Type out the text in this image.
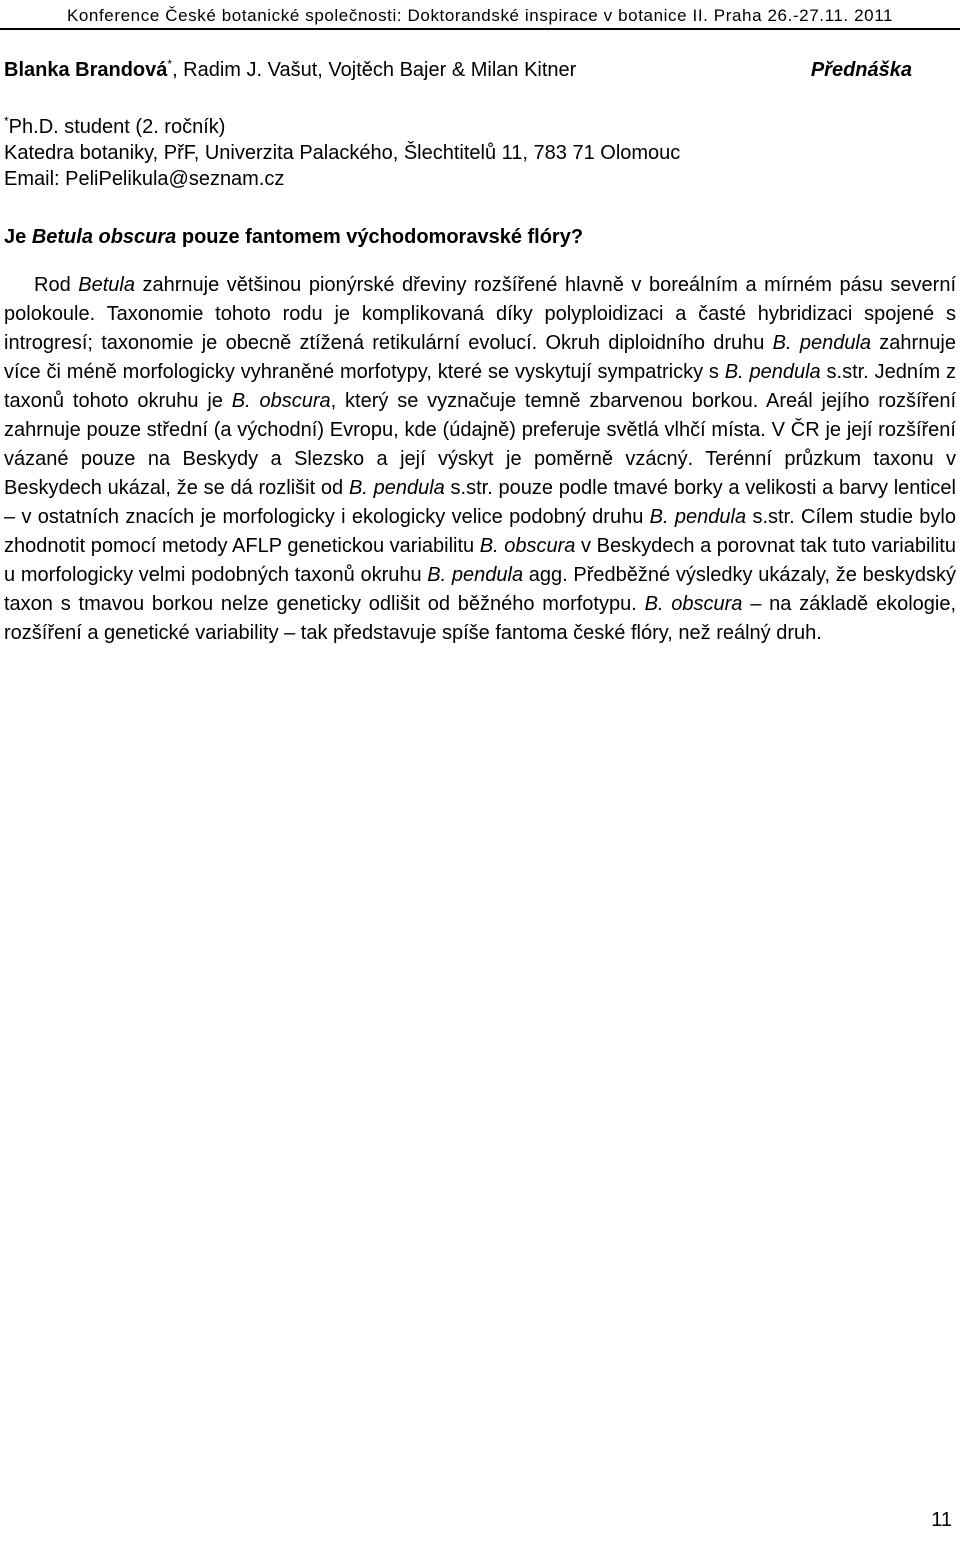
Konference České botanické společnosti: Doktorandské inspirace v botanice II. Praha 26.-27.11. 2011
Blanka Brandová*, Radim J. Vašut, Vojtěch Bajer & Milan Kitner	Přednáška
*Ph.D. student (2. ročník)
Katedra botaniky, PřF, Univerzita Palackého, Šlechtitelů 11, 783 71 Olomouc
Email: PeliPelikula@seznam.cz
Je Betula obscura pouze fantomem východomoravské flóry?

Rod Betula zahrnuje většinou pionýrské dřeviny rozšířené hlavně v boreálním a mírném pásu severní polokoule. Taxonomie tohoto rodu je komplikovaná díky polyploidizaci a časté hybridizaci spojené s introgresí; taxonomie je obecně ztížená retikulární evolucí. Okruh diploidního druhu B. pendula zahrnuje více či méně morfologicky vyhraněné morfotypy, které se vyskytují sympatricky s B. pendula s.str. Jedním z taxonů tohoto okruhu je B. obscura, který se vyznačuje temně zbarvenou borkou. Areál jejího rozšíření zahrnuje pouze střední (a východní) Evropu, kde (údajně) preferuje světlá vlhčí místa. V ČR je její rozšíření vázané pouze na Beskydy a Slezsko a její výskyt je poměrně vzácný. Terénní průzkum taxonu v Beskydech ukázal, že se dá rozlišit od B. pendula s.str. pouze podle tmavé borky a velikosti a barvy lenticel – v ostatních znacích je morfologicky i ekologicky velice podobný druhu B. pendula s.str. Cílem studie bylo zhodnotit pomocí metody AFLP genetickou variabilitu B. obscura v Beskydech a porovnat tak tuto variabilitu u morfologicky velmi podobných taxonů okruhu B. pendula agg. Předběžné výsledky ukázaly, že beskydský taxon s tmavou borkou nelze geneticky odlišit od běžného morfotypu. B. obscura – na základě ekologie, rozšíření a genetické variability – tak představuje spíše fantoma české flóry, než reálný druh.

11
